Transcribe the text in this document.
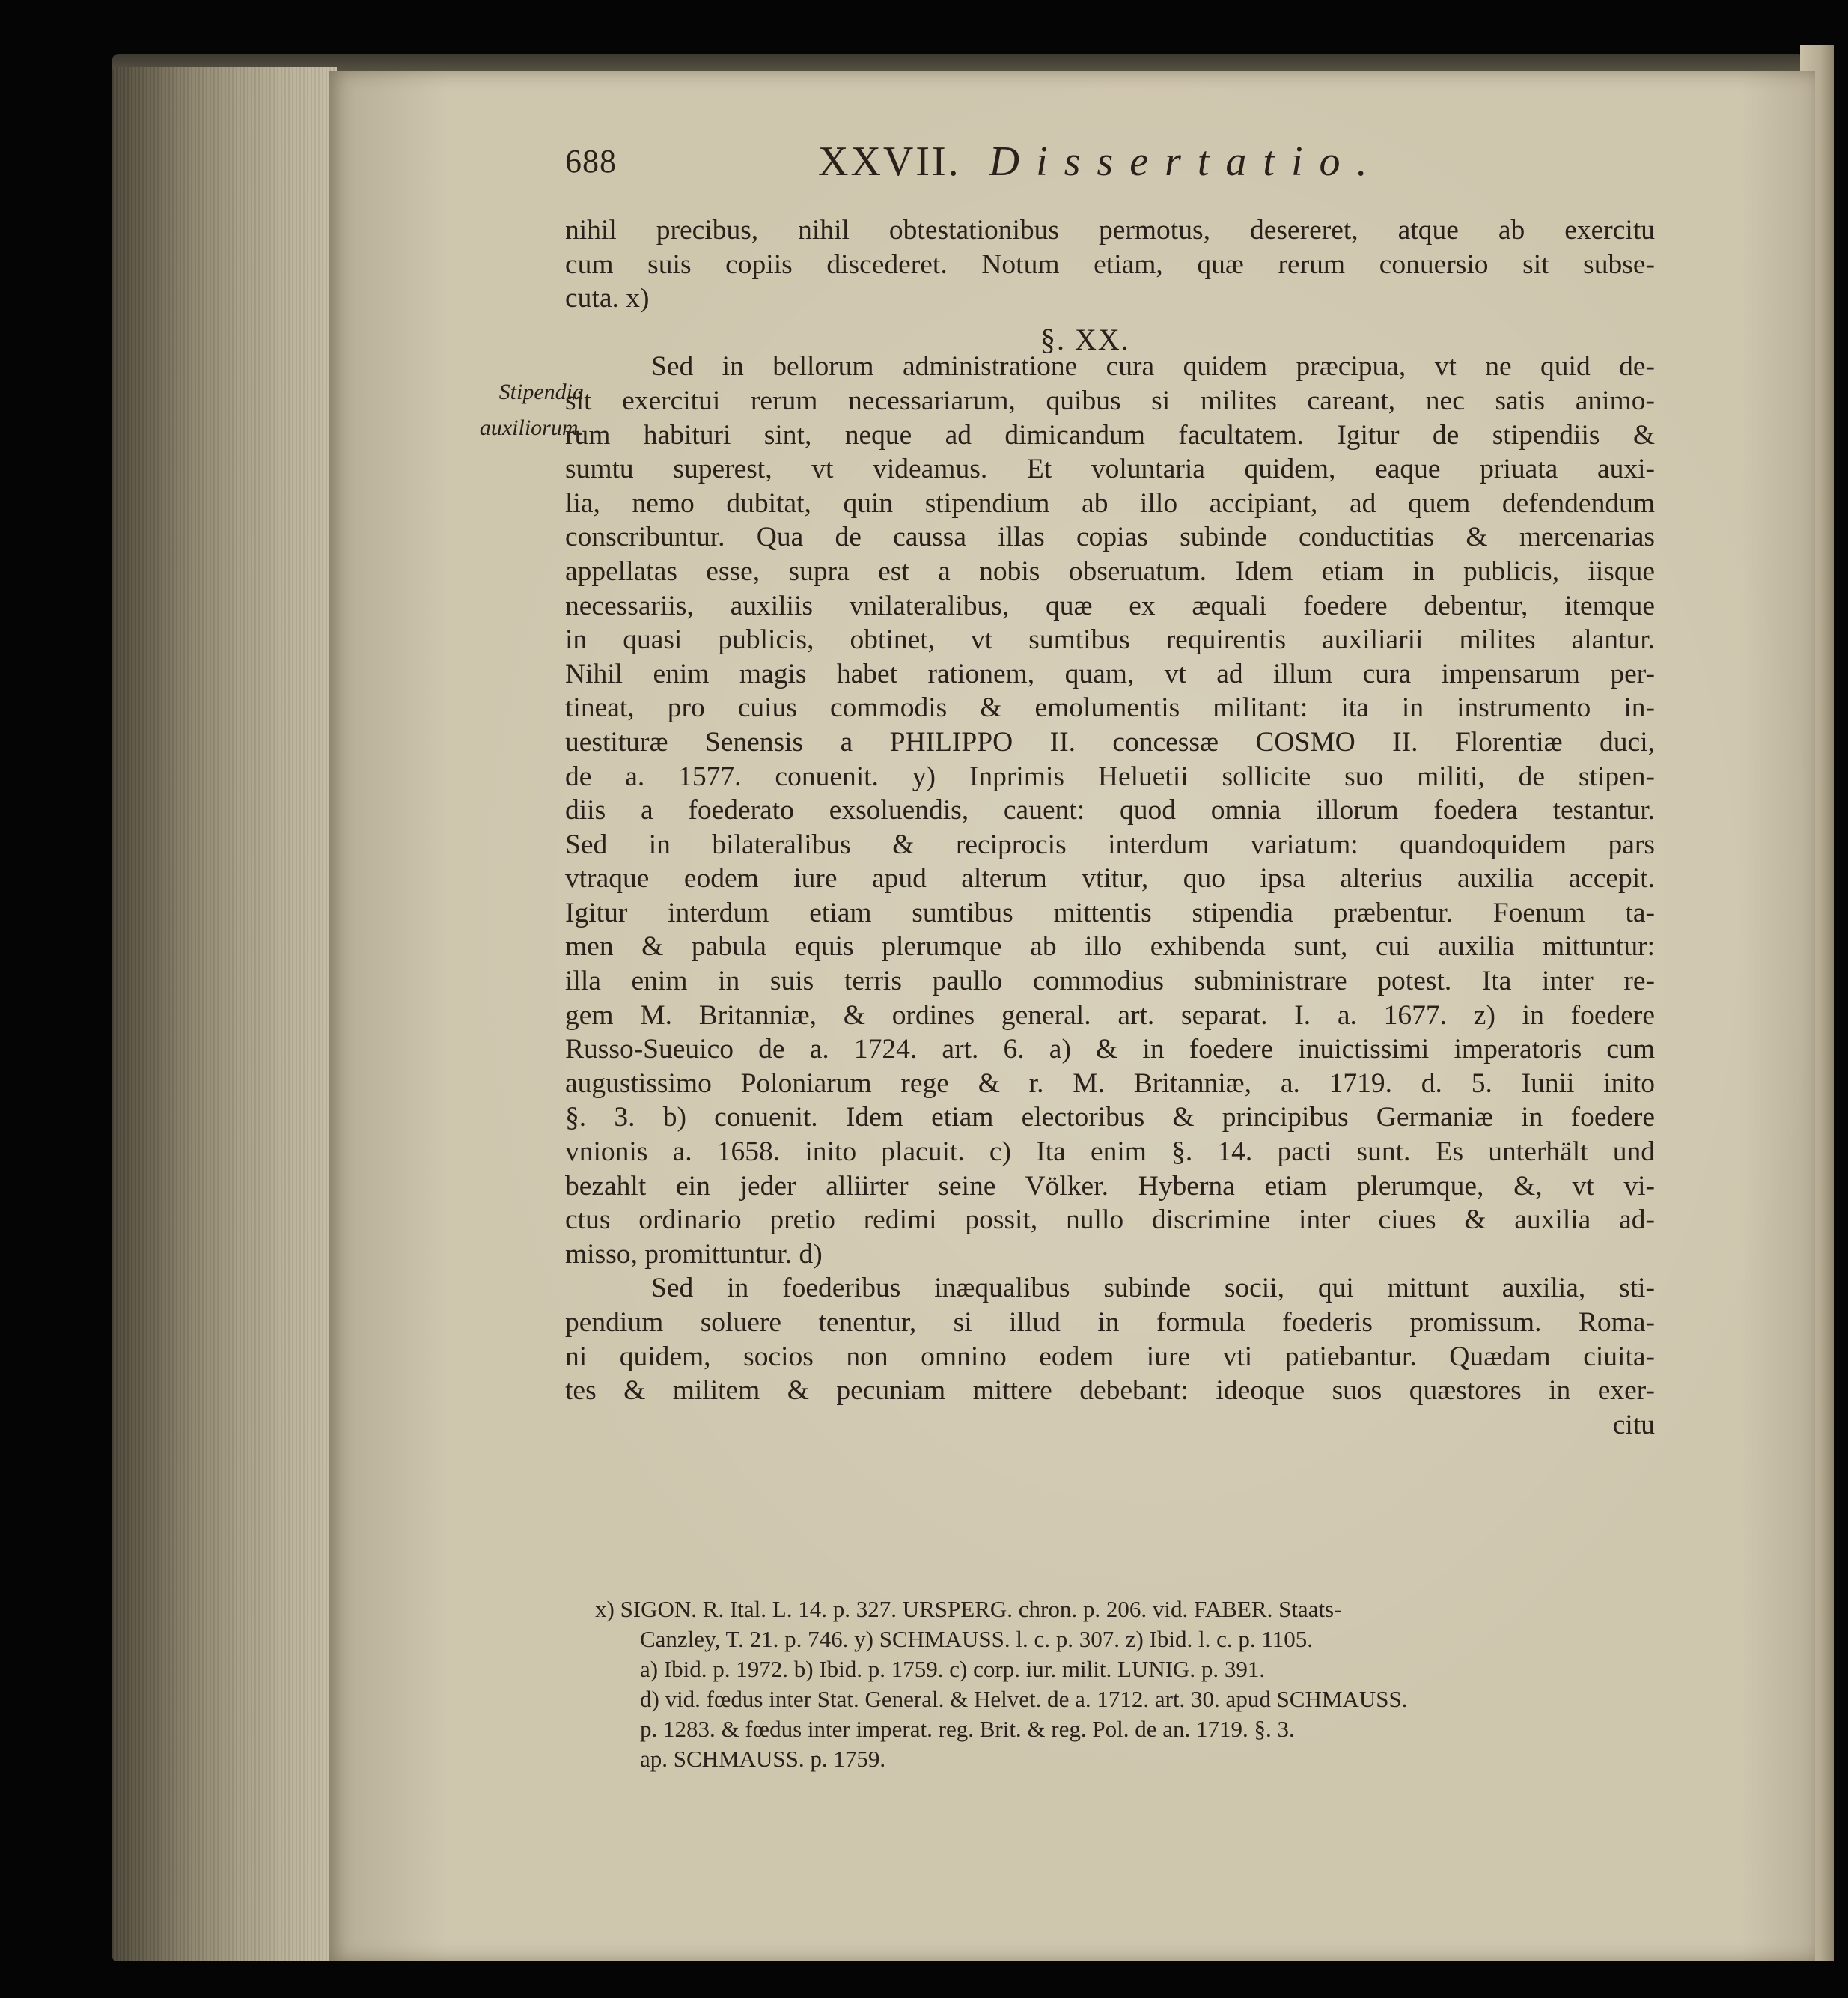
688	XXVII. Dissertatio.
Stipendia
auxiliorum.
§. XX.
nihil precibus, nihil obtestationibus permotus, desereret, atque ab exercitu
cum suis copiis discederet. Notum etiam, quæ rerum conuersio sit subse-
cuta. x)
Sed in bellorum administratione cura quidem præcipua, vt ne quid de-
sit exercitui rerum necessariarum, quibus si milites careant, nec satis animo-
rum habituri sint, neque ad dimicandum facultatem. Igitur de stipendiis &
sumtu superest, vt videamus. Et voluntaria quidem, eaque priuata auxi-
lia, nemo dubitat, quin stipendium ab illo accipiant, ad quem defendendum
conscribuntur. Qua de caussa illas copias subinde conductitias & mercenarias
appellatas esse, supra est a nobis obseruatum. Idem etiam in publicis, iisque
necessariis, auxiliis vnilateralibus, quæ ex æquali foedere debentur, itemque
in quasi publicis, obtinet, vt sumtibus requirentis auxiliarii milites alantur.
Nihil enim magis habet rationem, quam, vt ad illum cura impensarum per-
tineat, pro cuius commodis & emolumentis militant: ita in instrumento in-
uestituræ Senensis a PHILIPPO II. concessæ COSMO II. Florentiæ duci,
de a. 1577. conuenit. y) Inprimis Heluetii sollicite suo militi, de stipen-
diis a foederato exsoluendis, cauent: quod omnia illorum foedera testantur.
Sed in bilateralibus & reciprocis interdum variatum: quandoquidem pars
vtraque eodem iure apud alterum vtitur, quo ipsa alterius auxilia accepit.
Igitur interdum etiam sumtibus mittentis stipendia præbentur. Foenum ta-
men & pabula equis plerumque ab illo exhibenda sunt, cui auxilia mittuntur:
illa enim in suis terris paullo commodius subministrare potest. Ita inter re-
gem M. Britanniæ, & ordines general. art. separat. I. a. 1677. z) in foedere
Russo-Sueuico de a. 1724. art. 6. a) & in foedere inuictissimi imperatoris cum
augustissimo Poloniarum rege & r. M. Britanniæ, a. 1719. d. 5. Iunii inito
§. 3. b) conuenit. Idem etiam electoribus & principibus Germaniæ in foedere
vnionis a. 1658. inito placuit. c) Ita enim §. 14. pacti sunt. Es unterhält und
bezahlt ein jeder alliirter seine Völker. Hyberna etiam plerumque, &, vt vi-
ctus ordinario pretio redimi possit, nullo discrimine inter ciues & auxilia ad-
misso, promittuntur. d)
Sed in foederibus inæqualibus subinde socii, qui mittunt auxilia, sti-
pendium soluere tenentur, si illud in formula foederis promissum. Roma-
ni quidem, socios non omnino eodem iure vti patiebantur. Quædam ciuita-
tes & militem & pecuniam mittere debebant: ideoque suos quæstores in exer-
citu
x) SIGON. R. Ital. L. 14. p. 327. URSPERG. chron. p. 206. vid. FABER. Staats-
Canzley, T. 21. p. 746. y) SCHMAUSS. l. c. p. 307. z) Ibid. l. c. p. 1105.
a) Ibid. p. 1972. b) Ibid. p. 1759. c) corp. iur. milit. LUNIG. p. 391.
d) vid. fœdus inter Stat. General. & Helvet. de a. 1712. art. 30. apud SCHMAUSS.
p. 1283. & fœdus inter imperat. reg. Brit. & reg. Pol. de an. 1719. §. 3.
ap. SCHMAUSS. p. 1759.
